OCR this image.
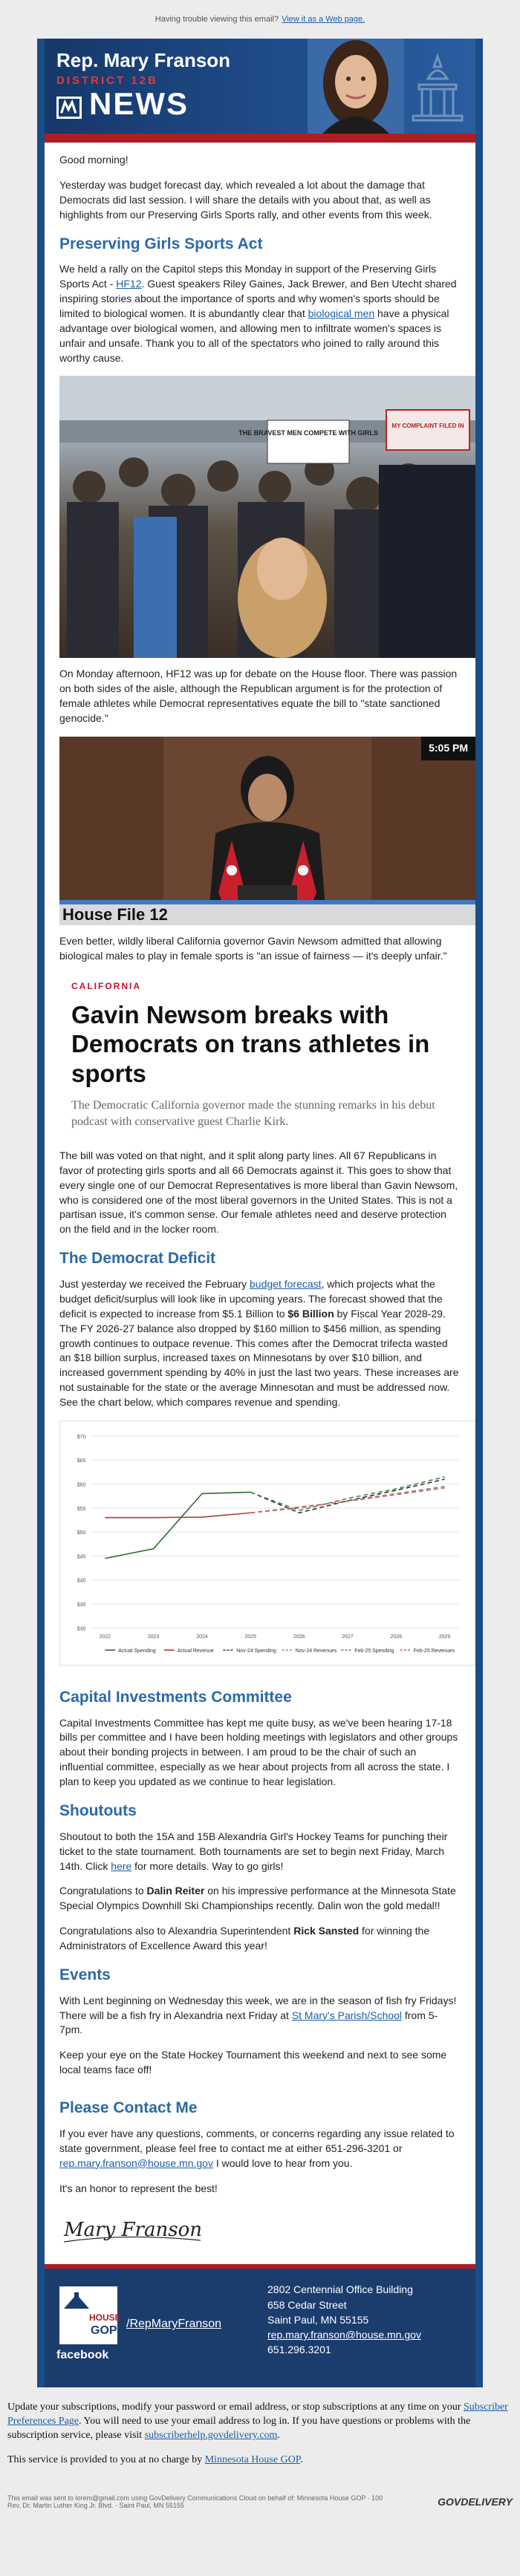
Having trouble viewing this email? View it as a Web page.
Rep. Mary Franson
DISTRICT 12B
NEWS

Good morning!

Yesterday was budget forecast day, which revealed a lot about the damage that Democrats did last session. I will share the details with you about that, as well as highlights from our Preserving Girls Sports rally, and other events from this week.

Preserving Girls Sports Act

We held a rally on the Capitol steps this Monday in support of the Preserving Girls Sports Act - HF12. Guest speakers Riley Gaines, Jack Brewer, and Ben Utecht shared inspiring stories about the importance of sports and why women's sports should be limited to biological women. It is abundantly clear that biological men have a physical advantage over biological women, and allowing men to infiltrate women's spaces is unfair and unsafe. Thank you to all of the spectators who joined to rally around this worthy cause.

THE BRAVEST MEN COMPETE WITH GIRLS
MY COMPLAINT FILED IN

On Monday afternoon, HF12 was up for debate on the House floor. There was passion on both sides of the aisle, although the Republican argument is for the protection of female athletes while Democrat representatives equate the bill to "state sanctioned genocide."

5:05 PM
House File 12

Even better, wildly liberal California governor Gavin Newsom admitted that allowing biological males to play in female sports is "an issue of fairness — it's deeply unfair."

CALIFORNIA
Gavin Newsom breaks with Democrats on trans athletes in sports
The Democratic California governor made the stunning remarks in his debut podcast with conservative guest Charlie Kirk.

The bill was voted on that night, and it split along party lines. All 67 Republicans in favor of protecting girls sports and all 66 Democrats against it. This goes to show that every single one of our Democrat Representatives is more liberal than Gavin Newsom, who is considered one of the most liberal governors in the United States. This is not a partisan issue, it's common sense. Our female athletes need and deserve protection on the field and in the locker room.

The Democrat Deficit

Just yesterday we received the February budget forecast, which projects what the budget deficit/surplus will look like in upcoming years. The forecast showed that the deficit is expected to increase from $5.1 Billion to $6 Billion by Fiscal Year 2028-29. The FY 2026-27 balance also dropped by $160 million to $456 million, as spending growth continues to outpace revenue. This comes after the Democrat trifecta wasted an $18 billion surplus, increased taxes on Minnesotans by over $10 billion, and increased government spending by 40% in just the last two years. These increases are not sustainable for the state or the average Minnesotan and must be addressed now. See the chart below, which compares revenue and spending.

$30
$35
$40
$45
$50
$55
$60
$65
$70
2022	2023	2024	2025	2026	2027	2028	2029
Actual Spending	Actual Revenue	Nov-24 Spending	Nov-24 Revenues	Feb-25 Spending	Feb-25 Revenues
Capital Investments Committee

Capital Investments Committee has kept me quite busy, as we've been hearing 17-18 bills per committee and I have been holding meetings with legislators and other groups about their bonding projects in between. I am proud to be the chair of such an influential committee, especially as we hear about projects from all across the state. I plan to keep you updated as we continue to hear legislation.

Shoutouts

Shoutout to both the 15A and 15B Alexandria Girl's Hockey Teams for punching their ticket to the state tournament. Both tournaments are set to begin next Friday, March 14th. Click here for more details. Way to go girls!

Congratulations to Dalin Reiter on his impressive performance at the Minnesota State Special Olympics Downhill Ski Championships recently. Dalin won the gold medal!!

Congratulations also to Alexandria Superintendent Rick Sansted for winning the Administrators of Excellence Award this year!

Events

With Lent beginning on Wednesday this week, we are in the season of fish fry Fridays! There will be a fish fry in Alexandria next Friday at St Mary's Parish/School from 5-7pm.

Keep your eye on the State Hockey Tournament this weekend and next to see some local teams face off!

Please Contact Me

If you ever have any questions, comments, or concerns regarding any issue related to state government, please feel free to contact me at either 651-296-3201 or rep.mary.franson@house.mn.gov I would love to hear from you.

It's an honor to represent the best!

Mary Franson
HOUSE
GOP
/RepMaryFranson
facebook
2802 Centennial Office Building
658 Cedar Street
Saint Paul, MN 55155
rep.mary.franson@house.mn.gov
651.296.3201

Update your subscriptions, modify your password or email address, or stop subscriptions at any time on your Subscriber Preferences Page. You will need to use your email address to log in. If you have questions or problems with the subscription service, please visit subscriberhelp.govdelivery.com.

This service is provided to you at no charge by Minnesota House GOP.

This email was sent to lorem@gmail.com using GovDelivery Communications Cloud on behalf of: Minnesota House GOP · 100 Rev. Dr. Martin Luther King Jr. Blvd. · Saint Paul, MN 55155	GOVDELIVERY
